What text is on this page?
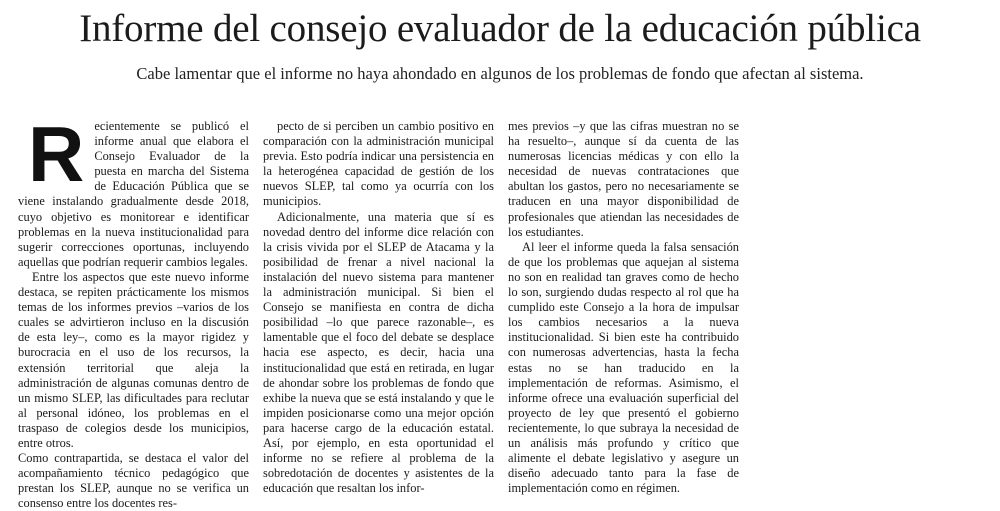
Informe del consejo evaluador de la educación pública

Cabe lamentar que el informe no haya ahondado en algunos de los problemas de fondo que afectan al sistema.

Recientemente se publicó el informe anual que elabora el Consejo Evaluador de la puesta en marcha del Sistema de Educación Pública que se viene instalando gradualmente desde 2018, cuyo objetivo es monitorear e identificar problemas en la nueva institucionalidad para sugerir correcciones oportunas, incluyendo aquellas que podrían requerir cambios legales.

Entre los aspectos que este nuevo informe destaca, se repiten prácticamente los mismos temas de los informes previos –varios de los cuales se advirtieron incluso en la discusión de esta ley–, como es la mayor rigidez y burocracia en el uso de los recursos, la extensión territorial que aleja la administración de algunas comunas dentro de un mismo SLEP, las dificultades para reclutar al personal idóneo, los problemas en el traspaso de colegios desde los municipios, entre otros.

Como contrapartida, se destaca el valor del acompañamiento técnico pedagógico que prestan los SLEP, aunque no se verifica un consenso entre los docentes res-

pecto de si perciben un cambio positivo en comparación con la administración municipal previa. Esto podría indicar una persistencia en la heterogénea capacidad de gestión de los nuevos SLEP, tal como ya ocurría con los municipios.

Adicionalmente, una materia que sí es novedad dentro del informe dice relación con la crisis vivida por el SLEP de Atacama y la posibilidad de frenar a nivel nacional la instalación del nuevo sistema para mantener la administración municipal. Si bien el Consejo se manifiesta en contra de dicha posibilidad –lo que parece razonable–, es lamentable que el foco del debate se desplace hacia ese aspecto, es decir, hacia una institucionalidad que está en retirada, en lugar de ahondar sobre los problemas de fondo que exhibe la nueva que se está instalando y que le impiden posicionarse como una mejor opción para hacerse cargo de la educación estatal. Así, por ejemplo, en esta oportunidad el informe no se refiere al problema de la sobredotación de docentes y asistentes de la educación que resaltan los infor-

mes previos –y que las cifras muestran no se ha resuelto–, aunque sí da cuenta de las numerosas licencias médicas y con ello la necesidad de nuevas contrataciones que abultan los gastos, pero no necesariamente se traducen en una mayor disponibilidad de profesionales que atiendan las necesidades de los estudiantes.

Al leer el informe queda la falsa sensación de que los problemas que aquejan al sistema no son en realidad tan graves como de hecho lo son, surgiendo dudas respecto al rol que ha cumplido este Consejo a la hora de impulsar los cambios necesarios a la nueva institucionalidad. Si bien este ha contribuido con numerosas advertencias, hasta la fecha estas no se han traducido en la implementación de reformas. Asimismo, el informe ofrece una evaluación superficial del proyecto de ley que presentó el gobierno recientemente, lo que subraya la necesidad de un análisis más profundo y crítico que alimente el debate legislativo y asegure un diseño adecuado tanto para la fase de implementación como en régimen.
